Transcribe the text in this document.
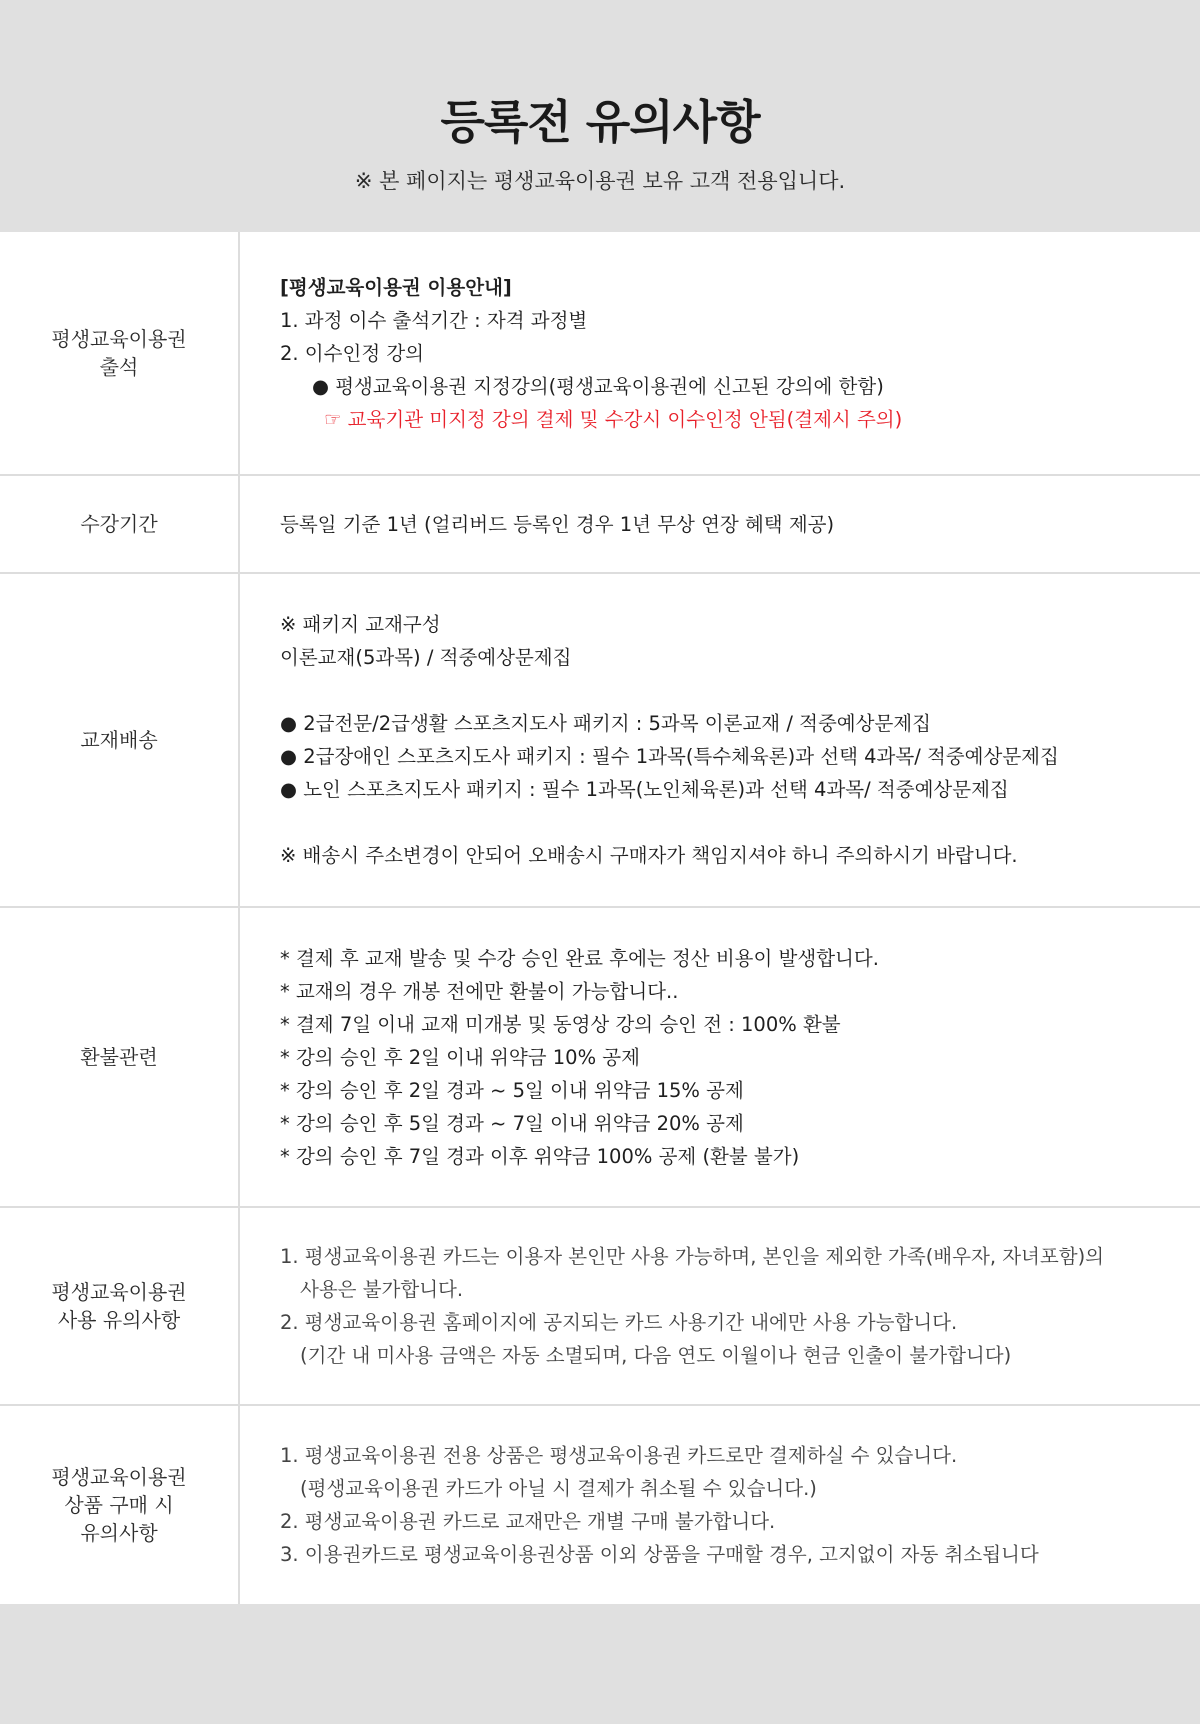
등록전 유의사항
※ 본 페이지는 평생교육이용권 보유 고객 전용입니다.
평생교육이용권
출석
[평생교육이용권 이용안내]
1. 과정 이수 출석기간 : 자격 과정별
2. 이수인정 강의
● 평생교육이용권 지정강의(평생교육이용권에 신고된 강의에 한함)
☞ 교육기관 미지정 강의 결제 및 수강시 이수인정 안됨(결제시 주의)
수강기간	등록일 기준 1년 (얼리버드 등록인 경우 1년 무상 연장 혜택 제공)
교재배송
※ 패키지 교재구성
이론교재(5과목) / 적중예상문제집
● 2급전문/2급생활 스포츠지도사 패키지 : 5과목 이론교재 / 적중예상문제집
● 2급장애인 스포츠지도사 패키지 : 필수 1과목(특수체육론)과 선택 4과목/ 적중예상문제집
● 노인 스포츠지도사 패키지 : 필수 1과목(노인체육론)과 선택 4과목/ 적중예상문제집
※ 배송시 주소변경이 안되어 오배송시 구매자가 책임지셔야 하니 주의하시기 바랍니다.
환불관련
* 결제 후 교재 발송 및 수강 승인 완료 후에는 정산 비용이 발생합니다.
* 교재의 경우 개봉 전에만 환불이 가능합니다..
* 결제 7일 이내 교재 미개봉 및 동영상 강의 승인 전 : 100% 환불
* 강의 승인 후 2일 이내 위약금 10% 공제
* 강의 승인 후 2일 경과 ~ 5일 이내 위약금 15% 공제
* 강의 승인 후 5일 경과 ~ 7일 이내 위약금 20% 공제
* 강의 승인 후 7일 경과 이후 위약금 100% 공제 (환불 불가)
평생교육이용권
사용 유의사항
1. 평생교육이용권 카드는 이용자 본인만 사용 가능하며, 본인을 제외한 가족(배우자, 자녀포함)의
사용은 불가합니다.
2. 평생교육이용권 홈페이지에 공지되는 카드 사용기간 내에만 사용 가능합니다.
(기간 내 미사용 금액은 자동 소멸되며, 다음 연도 이월이나 현금 인출이 불가합니다)
평생교육이용권
상품 구매 시
유의사항
1. 평생교육이용권 전용 상품은 평생교육이용권 카드로만 결제하실 수 있습니다.
(평생교육이용권 카드가 아닐 시 결제가 취소될 수 있습니다.)
2. 평생교육이용권 카드로 교재만은 개별 구매 불가합니다.
3. 이용권카드로 평생교육이용권상품 이외 상품을 구매할 경우, 고지없이 자동 취소됩니다
